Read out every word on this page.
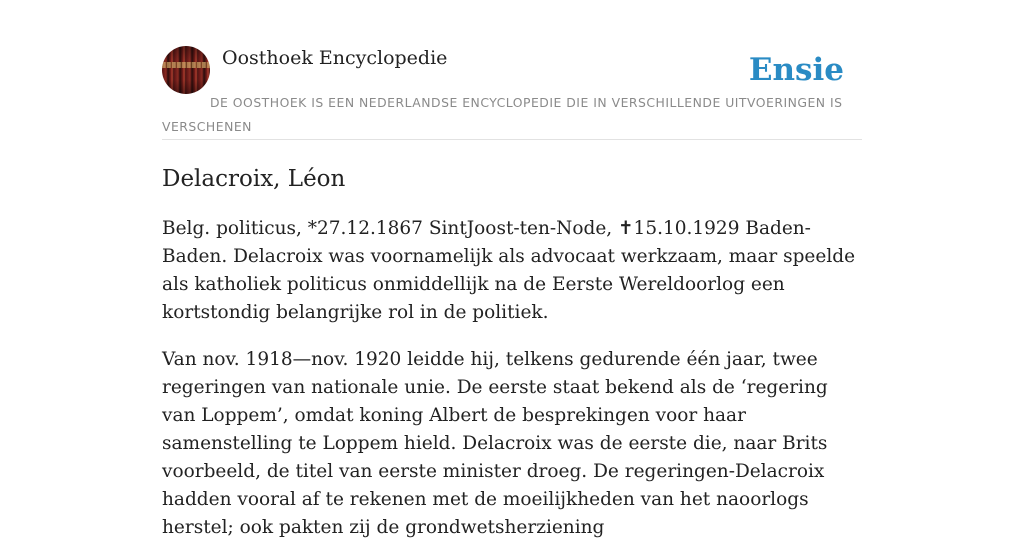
Oosthoek Encyclopedie	Ensie
DE OOSTHOEK IS EEN NEDERLANDSE ENCYCLOPEDIE DIE IN VERSCHILLENDE UITVOERINGEN IS VERSCHENEN
Delacroix, Léon

Belg. politicus, *27.12.1867 SintJoost-ten-Node, ✝15.10.1929 Baden-Baden. Delacroix was voornamelijk als advocaat werkzaam, maar speelde als katholiek politicus onmiddellijk na de Eerste Wereldoorlog een kortstondig belangrijke rol in de politiek.

Van nov. 1918—nov. 1920 leidde hij, telkens gedurende één jaar, twee regeringen van nationale unie. De eerste staat bekend als de ‘regering van Loppem’, omdat koning Albert de besprekingen voor haar samenstelling te Loppem hield. Delacroix was de eerste die, naar Brits voorbeeld, de titel van eerste minister droeg. De regeringen-Delacroix hadden vooral af te rekenen met de moeilijkheden van het naoorlogs herstel; ook pakten zij de grondwetsherziening
